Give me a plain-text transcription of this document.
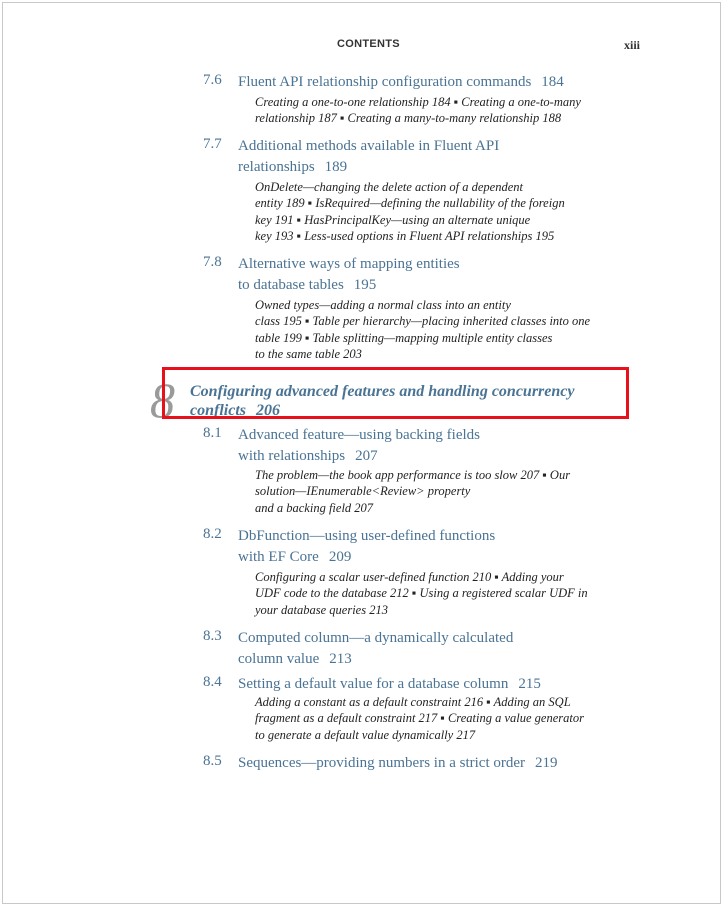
CONTENTS	xiii
7.6 Fluent API relationship configuration commands 184
Creating a one-to-one relationship 184 ▪ Creating a one-to-many
relationship 187 ▪ Creating a many-to-many relationship 188
7.7 Additional methods available in Fluent API
relationships 189
OnDelete—changing the delete action of a dependent
entity 189 ▪ IsRequired—defining the nullability of the foreign
key 191 ▪ HasPrincipalKey—using an alternate unique
key 193 ▪ Less-used options in Fluent API relationships 195
7.8 Alternative ways of mapping entities
to database tables 195
Owned types—adding a normal class into an entity
class 195 ▪ Table per hierarchy—placing inherited classes into one
table 199 ▪ Table splitting—mapping multiple entity classes
to the same table 203
8 Configuring advanced features and handling concurrency
conflicts 206
8.1 Advanced feature—using backing fields
with relationships 207
The problem—the book app performance is too slow 207 ▪ Our
solution—IEnumerable<Review> property
and a backing field 207
8.2 DbFunction—using user-defined functions
with EF Core 209
Configuring a scalar user-defined function 210 ▪ Adding your
UDF code to the database 212 ▪ Using a registered scalar UDF in
your database queries 213
8.3 Computed column—a dynamically calculated
column value 213
8.4 Setting a default value for a database column 215
Adding a constant as a default constraint 216 ▪ Adding an SQL
fragment as a default constraint 217 ▪ Creating a value generator
to generate a default value dynamically 217
8.5 Sequences—providing numbers in a strict order 219
